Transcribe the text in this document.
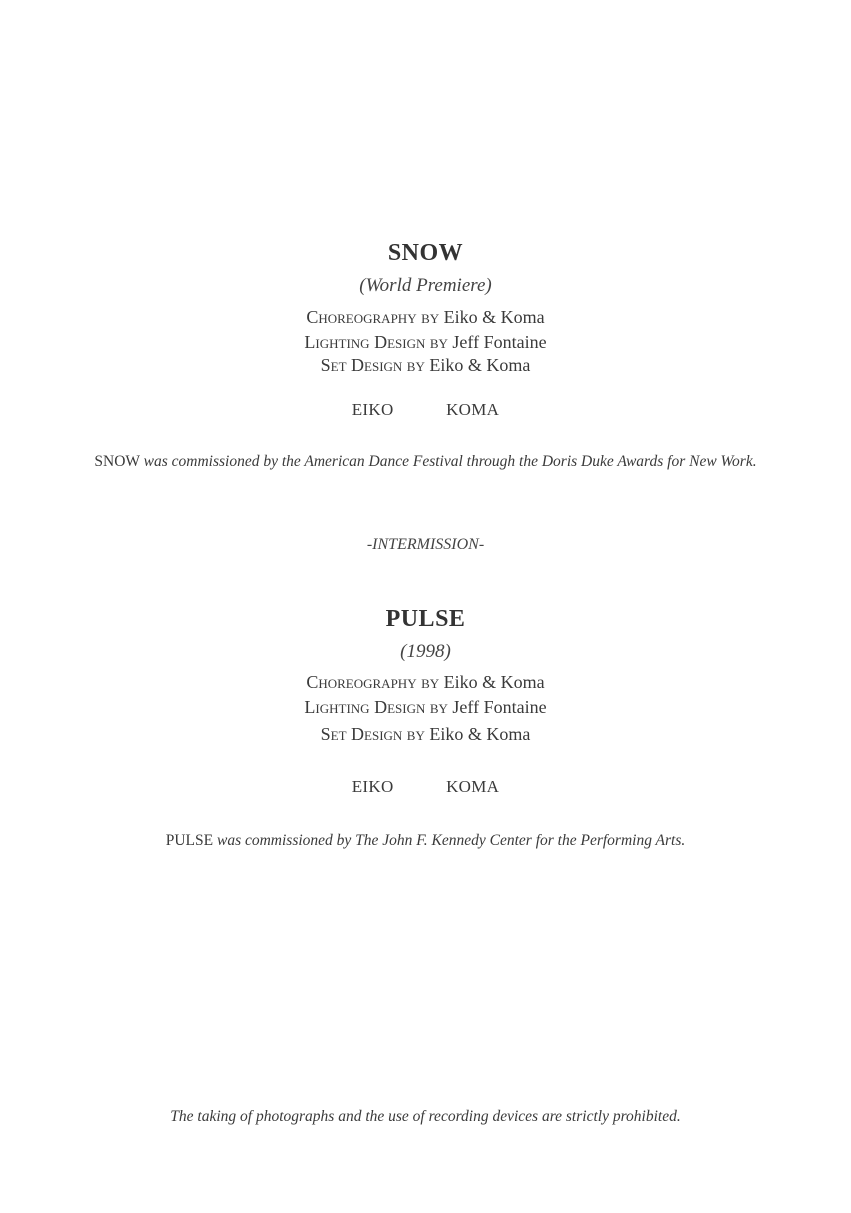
SNOW
(World Premiere)
Choreography by Eiko & Koma
Lighting Design by Jeff Fontaine
Set Design by Eiko & Koma
EIKO	KOMA
SNOW was commissioned by the American Dance Festival through the Doris Duke Awards for New Work.
-INTERMISSION-
PULSE
(1998)
Choreography by Eiko & Koma
Lighting Design by Jeff Fontaine
Set Design by Eiko & Koma
EIKO	KOMA
PULSE was commissioned by The John F. Kennedy Center for the Performing Arts.
The taking of photographs and the use of recording devices are strictly prohibited.
